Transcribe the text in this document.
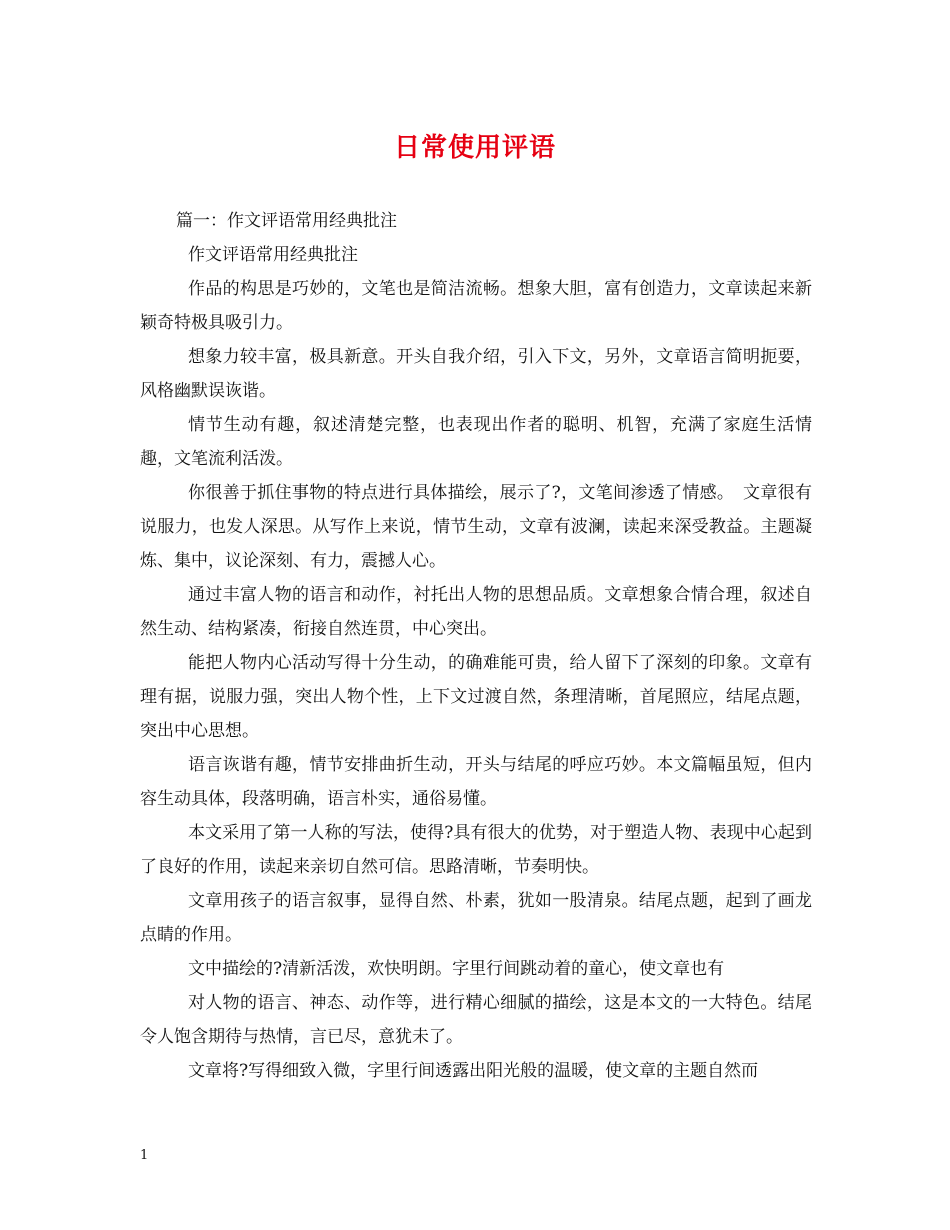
日常使用评语

篇一：作文评语常用经典批注

作文评语常用经典批注

作品的构思是巧妙的，文笔也是简洁流畅。想象大胆，富有创造力，文章读起来新颖奇特极具吸引力。

想象力较丰富，极具新意。开头自我介绍，引入下文，另外，文章语言简明扼要，风格幽默误诙谐。

情节生动有趣，叙述清楚完整，也表现出作者的聪明、机智，充满了家庭生活情趣，文笔流利活泼。

你很善于抓住事物的特点进行具体描绘，展示了?，文笔间渗透了情感。　文章很有说服力，也发人深思。从写作上来说，情节生动，文章有波澜，读起来深受教益。主题凝炼、集中，议论深刻、有力，震撼人心。

通过丰富人物的语言和动作，衬托出人物的思想品质。文章想象合情合理，叙述自然生动、结构紧凑，衔接自然连贯，中心突出。

能把人物内心活动写得十分生动，的确难能可贵，给人留下了深刻的印象。文章有理有据，说服力强，突出人物个性，上下文过渡自然，条理清晰，首尾照应，结尾点题，突出中心思想。

语言诙谐有趣，情节安排曲折生动，开头与结尾的呼应巧妙。本文篇幅虽短，但内容生动具体，段落明确，语言朴实，通俗易懂。

本文采用了第一人称的写法，使得?具有很大的优势，对于塑造人物、表现中心起到了良好的作用，读起来亲切自然可信。思路清晰，节奏明快。

文章用孩子的语言叙事，显得自然、朴素，犹如一股清泉。结尾点题，起到了画龙点睛的作用。

文中描绘的?清新活泼，欢快明朗。字里行间跳动着的童心，使文章也有

对人物的语言、神态、动作等，进行精心细腻的描绘，这是本文的一大特色。结尾令人饱含期待与热情，言已尽，意犹未了。

文章将?写得细致入微，字里行间透露出阳光般的温暖，使文章的主题自然而

1
